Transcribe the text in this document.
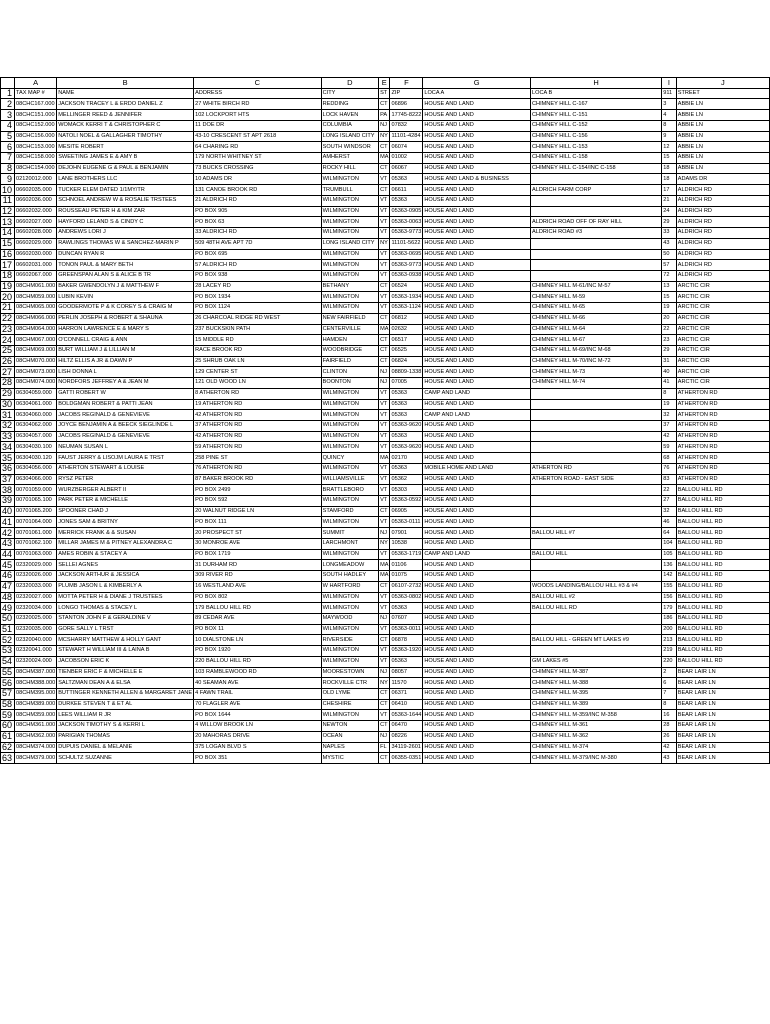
	A	B	C	D	E	F	G	H	I	J
1	TAX MAP #	NAME	ADDRESS	CITY	ST	ZIP	LOCA A	LOCA B	911	STREET
2	08CHC167.000	JACKSON TRACEY L & ERDO DANIEL Z	27 WHITE BIRCH RD	REDDING	CT	06896	HOUSE AND LAND	CHIMNEY HILL C-167	3	ABBIE LN
3	08CHC151.000	MELLINGER REED & JENNIFER	102 LOCKPORT HTS	LOCK HAVEN	PA	17745-8222	HOUSE AND LAND	CHIMNEY HILL C-151	4	ABBIE LN
4	08CHC152.000	WOMACK KERRI T & CHRISTOPHER C	11 DOE DR	COLUMBIA	NJ	07832	HOUSE AND LAND	CHIMNEY HILL C-152	8	ABBIE LN
5	08CHC156.000	NATOLI NOEL & GALLAGHER TIMOTHY	43-10 CRESCENT ST APT 2618	LONG ISLAND CITY	NY	11101-4284	HOUSE AND LAND	CHIMNEY HILL C-156	9	ABBIE LN
6	08CHC153.000	MESITE ROBERT	64 CHARING RD	SOUTH WINDSOR	CT	06074	HOUSE AND LAND	CHIMNEY HILL C-153	12	ABBIE LN
7	08CHC158.000	SWEETING JAMES E & AMY B	179 NORTH WHITNEY ST	AMHERST	MA	01002	HOUSE AND LAND	CHIMNEY HILL C-158	15	ABBIE LN
8	08CHC154.000	DEJOHN EUGENE G & PAUL & BENJAMIN	73 BUCKS CROSSING	ROCKY HILL	CT	06067	HOUSE AND LAND	CHIMNEY HILL C-154/INC C-158	18	ABBIE LN
9	02120012.000	LANE BROTHERS LLC	10 ADAMS DR	WILMINGTON	VT	05363	HOUSE AND LAND & BUSINESS		18	ADAMS DR
10	06602035.000	TUCKER ELEM DATED 1/1MY/TR	131 CANOE BROOK RD	TRUMBULL	CT	06611	HOUSE AND LAND	ALDRICH FARM CORP	17	ALDRICH RD
11	06602036.000	SCHNOEL ANDREW W & ROSALIE TRSTEES	21 ALDRICH RD	WILMINGTON	VT	05363	HOUSE AND LAND		21	ALDRICH RD
12	06602032.000	ROUSSEAU PETER H & KIM ZAR	PO BOX 905	WILMINGTON	VT	05363-0905	HOUSE AND LAND		24	ALDRICH RD
13	06602027.000	HAYFORD LELAND S & CINDY C	PO BOX 63	WILMINGTON	VT	05363-0063	HOUSE AND LAND	ALDRICH ROAD OFF OF RAY HILL	29	ALDRICH RD
14	06602028.000	ANDREWS LORI J	33 ALDRICH RD	WILMINGTON	VT	05363-9773	HOUSE AND LAND	ALDRICH ROAD #3	33	ALDRICH RD
15	06602029.000	RAWLINGS THOMAS W & SANCHEZ-MARIN P	509 48TH AVE APT 7D	LONG ISLAND CITY	NY	11101-5622	HOUSE AND LAND		43	ALDRICH RD
16	06602030.000	DUNCAN RYAN R	PO BOX 695	WILMINGTON	VT	05363-0695	HOUSE AND LAND		50	ALDRICH RD
17	06602031.000	TONON PAUL & MARY BETH	57 ALDRICH RD	WILMINGTON	VT	05363-9773	HOUSE AND LAND		57	ALDRICH RD
18	06602067.000	GREENSPAN ALAN S & ALICE B TR	PO BOX 938	WILMINGTON	VT	05363-0938	HOUSE AND LAND		72	ALDRICH RD
19	08CHM061.000	BAKER GWENDOLYN J & MATTHEW F	28 LACEY RD	BETHANY	CT	06524	HOUSE AND LAND	CHIMNEY HILL M-61/INC M-57	13	ARCTIC CIR
20	08CHM059.000	LUBIN KEVIN	PO BOX 1934	WILMINGTON	VT	05363-1934	HOUSE AND LAND	CHIMNEY HILL M-59	15	ARCTIC CIR
21	08CHM065.000	GOODERMOTE P & K COREY S & CRAIG M	PO BOX 1124	WILMINGTON	VT	05363-1124	HOUSE AND LAND	CHIMNEY HILL M-65	19	ARCTIC CIR
22	08CHM066.000	PERLIN JOSEPH & ROBERT & SHAUNA	26 CHARCOAL RIDGE RD WEST	NEW FAIRFIELD	CT	06812	HOUSE AND LAND	CHIMNEY HILL M-66	20	ARCTIC CIR
23	08CHM064.000	HARRON LAWRENCE E & MARY S	237 BUCKSKIN PATH	CENTERVILLE	MA	02632	HOUSE AND LAND	CHIMNEY HILL M-64	22	ARCTIC CIR
24	08CHM067.000	O'CONNELL CRAIG & ANN	15 MIDDLE RD	HAMDEN	CT	06517	HOUSE AND LAND	CHIMNEY HILL M-67	23	ARCTIC CIR
25	08CHM069.000	BURT WILLIAM J & LILLIAN M	RACE BROOK RD	WOODBRIDGE	CT	06525	HOUSE AND LAND	CHIMNEY HILL M-69/INC M-68	29	ARCTIC CIR
26	08CHM070.000	HILTZ ELLIS A JR & DAWN P	25 SHRUB OAK LN	FAIRFIELD	CT	06824	HOUSE AND LAND	CHIMNEY HILL M-70/INC M-72	31	ARCTIC CIR
27	08CHM073.000	LISH DONNA L	129 CENTER ST	CLINTON	NJ	08809-1338	HOUSE AND LAND	CHIMNEY HILL M-73	40	ARCTIC CIR
28	08CHM074.000	NORDFORS JEFFREY A & JEAN M	121 OLD WOOD LN	BOONTON	NJ	07005	HOUSE AND LAND	CHIMNEY HILL M-74	41	ARCTIC CIR
29	06304059.000	GATTI ROBERT W	8 ATHERTON RD	WILMINGTON	VT	05363	CAMP AND LAND		8	ATHERTON RD
30	06304061.000	BOLDGMAN ROBERT & PATTI JEAN	19 ATHERTON RD	WILMINGTON	VT	05363	HOUSE AND LAND		19	ATHERTON RD
31	06304060.000	JACOBS REGINALD & GENEVIEVE	42 ATHERTON RD	WILMINGTON	VT	05363	CAMP AND LAND		32	ATHERTON RD
32	06304062.000	JOYCE BENJAMIN A & BEECK SIEGLINDE L	37 ATHERTON RD	WILMINGTON	VT	05363-9620	HOUSE AND LAND		37	ATHERTON RD
33	06304057.000	JACOBS REGINALD & GENEVIEVE	42 ATHERTON RD	WILMINGTON	VT	05363	HOUSE AND LAND		42	ATHERTON RD
34	06304030.100	NEUMAN SUSAN L	59 ATHERTON RD	WILMINGTON	VT	05363-9620	HOUSE AND LAND		59	ATHERTON RD
35	06304030.120	FAUST JERRY & LISOJM LAURA E TRST	258 PINE ST	QUINCY	MA	02170	HOUSE AND LAND		68	ATHERTON RD
36	06304056.000	ATHERTON STEWART & LOUISE	76 ATHERTON RD	WILMINGTON	VT	05363	MOBILE HOME AND LAND	ATHERTON RD	76	ATHERTON RD
37	06304066.000	RYSZ PETER	87 BAKER BROOK RD	WILLIAMSVILLE	VT	05362	HOUSE AND LAND	ATHERTON ROAD - EAST SIDE	83	ATHERTON RD
38	00701059.000	WURZBERGER ALBERT II	PO BOX 2499	BRATTLEBORO	VT	05303	HOUSE AND LAND		22	BALLOU HILL RD
39	00701065.100	PARK PETER & MICHELLE	PO BOX 592	WILMINGTON	VT	05363-0592	HOUSE AND LAND		27	BALLOU HILL RD
40	00701065.200	SPOONER CHAD J	20 WALNUT RIDGE LN	STAMFORD	CT	06905	HOUSE AND LAND		32	BALLOU HILL RD
41	00701064.000	JONES SAM & BRITNY	PO BOX 111	WILMINGTON	VT	05363-0111	HOUSE AND LAND		46	BALLOU HILL RD
42	00701061.000	MERRICK FRANK & & SUSAN	20 PROSPECT ST	SUMMIT	NJ	07901	HOUSE AND LAND	BALLOU HILL #7	64	BALLOU HILL RD
43	00701062.100	MILLAR JAMES M & PITNEY ALEXANDRA C	30 MONROE AVE	LARCHMONT	NY	10538	HOUSE AND LAND		104	BALLOU HILL RD
44	00701063.000	AMES ROBIN & STACEY A	PO BOX 1719	WILMINGTON	VT	05363-1719	CAMP AND LAND	BALLOU HILL	105	BALLOU HILL RD
45	02320029.000	SELLEI AGNES	31 DURHAM RD	LONGMEADOW	MA	01106	HOUSE AND LAND		136	BALLOU HILL RD
46	02320026.000	JACKSON ARTHUR & JESSICA	309 RIVER RD	SOUTH HADLEY	MA	01075	HOUSE AND LAND		142	BALLOU HILL RD
47	02320033.000	PLUMB JASON L & KIMBERLY A	16 WESTLAND AVE	W HARTFORD	CT	06107-2732	HOUSE AND LAND	WOODS LANDING/BALLOU HILL #3 & #4	155	BALLOU HILL RD
48	02320027.000	MOTTA PETER H & DIANE J TRUSTEES	PO BOX 802	WILMINGTON	VT	05363-0802	HOUSE AND LAND	BALLOU HILL #2	156	BALLOU HILL RD
49	02320034.000	LONGO THOMAS & STACEY L	179 BALLOU HILL RD	WILMINGTON	VT	05363	HOUSE AND LAND	BALLOU HILL RD	179	BALLOU HILL RD
50	02320025.000	STANTON JOHN F & GERALDINE V	89 CEDAR AVE	MAYWOOD	NJ	07607	HOUSE AND LAND		186	BALLOU HILL RD
51	02320035.000	GORE SALLY L TRST	PO BOX 11	WILMINGTON	VT	05363-0011	HOUSE AND LAND		200	BALLOU HILL RD
52	02320040.000	MCSHARRY MATTHEW & HOLLY GANT	10 DIALSTONE LN	RIVERSIDE	CT	06878	HOUSE AND LAND	BALLOU HILL - GREEN MT LAKES #9	213	BALLOU HILL RD
53	02320041.000	STEWART H WILLIAM III & LAINA B	PO BOX 1920	WILMINGTON	VT	05363-1920	HOUSE AND LAND		219	BALLOU HILL RD
54	02320024.000	JACOBSON ERIC K	220 BALLOU HILL RD	WILMINGTON	VT	05363	HOUSE AND LAND	GM LAKES #5	220	BALLOU HILL RD
55	08CHM387.000	TIENBER ERIC F & MICHELLE E	103 RAMBLEWOOD RD	MOORESTOWN	NJ	08057	HOUSE AND LAND	CHIMNEY HILL M-387	2	BEAR LAIR LN
56	08CHM388.000	SALTZMAN DEAN A & ELSA	40 SEAMAN AVE	ROCKVILLE CTR	NY	11570	HOUSE AND LAND	CHIMNEY HILL M-388	6	BEAR LAIR LN
57	08CHM395.000	BUTTINGER KENNETH ALLEN & MARGARET JANE	4 FAWN TRAIL	OLD LYME	CT	06371	HOUSE AND LAND	CHIMNEY HILL M-395	7	BEAR LAIR LN
58	08CHM389.000	DURKEE STEVEN T & ET AL	70 FLAGLER AVE	CHESHIRE	CT	06410	HOUSE AND LAND	CHIMNEY HILL M-389	8	BEAR LAIR LN
59	08CHM359.000	LEES WILLIAM R JR	PO BOX 1644	WILMINGTON	VT	05363-1644	HOUSE AND LAND	CHIMNEY HILL M-359/INC M-358	16	BEAR LAIR LN
60	08CHM361.000	JACKSON TIMOTHY S & KERRI L	4 WILLOW BROOK LN	NEWTON	CT	06470	HOUSE AND LAND	CHIMNEY HILL M-361	28	BEAR LAIR LN
61	08CHM362.000	PARIGIAN THOMAS	20 MAHORAS DRIVE	OCEAN	NJ	08226	HOUSE AND LAND	CHIMNEY HILL M-362	26	BEAR LAIR LN
62	08CHM374.000	DUPUIS DANIEL & MELANIE	375 LOGAN BLVD S	NAPLES	FL	34119-2601	HOUSE AND LAND	CHIMNEY HILL M-374	42	BEAR LAIR LN
63	08CHM379.000	SCHULTZ SUZANNE	PO BOX 351	MYSTIC	CT	06355-0351	HOUSE AND LAND	CHIMNEY HILL M-379/INC M-380	43	BEAR LAIR LN
